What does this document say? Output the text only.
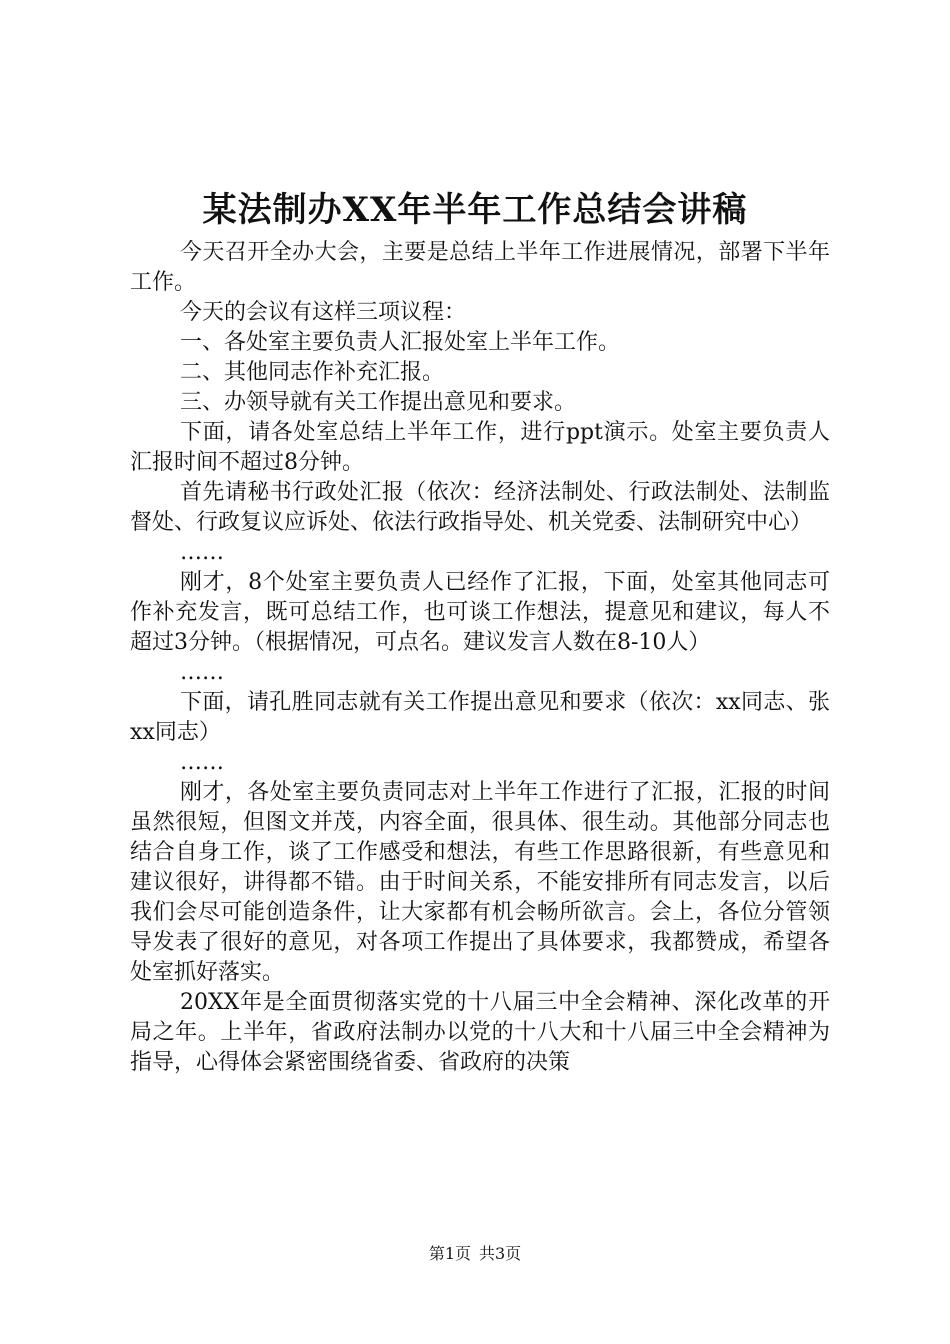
某法制办XX年半年工作总结会讲稿

今天召开全办大会，主要是总结上半年工作进展情况，部署下半年工作。

今天的会议有这样三项议程：

一、各处室主要负责人汇报处室上半年工作。

二、其他同志作补充汇报。

三、办领导就有关工作提出意见和要求。

下面，请各处室总结上半年工作，进行ppt演示。处室主要负责人汇报时间不超过8分钟。

首先请秘书行政处汇报（依次：经济法制处、行政法制处、法制监督处、行政复议应诉处、依法行政指导处、机关党委、法制研究中心）

……

刚才，8个处室主要负责人已经作了汇报，下面，处室其他同志可作补充发言，既可总结工作，也可谈工作想法，提意见和建议，每人不超过3分钟。（根据情况，可点名。建议发言人数在8-10人）

……

下面，请孔胜同志就有关工作提出意见和要求（依次：xx同志、张xx同志）

……

刚才，各处室主要负责同志对上半年工作进行了汇报，汇报的时间虽然很短，但图文并茂，内容全面，很具体、很生动。其他部分同志也结合自身工作，谈了工作感受和想法，有些工作思路很新，有些意见和建议很好，讲得都不错。由于时间关系，不能安排所有同志发言，以后我们会尽可能创造条件，让大家都有机会畅所欲言。会上，各位分管领导发表了很好的意见，对各项工作提出了具体要求，我都赞成，希望各处室抓好落实。

20XX年是全面贯彻落实党的十八届三中全会精神、深化改革的开局之年。上半年，省政府法制办以党的十八大和十八届三中全会精神为指导，心得体会紧密围绕省委、省政府的决策

第1页 共3页
